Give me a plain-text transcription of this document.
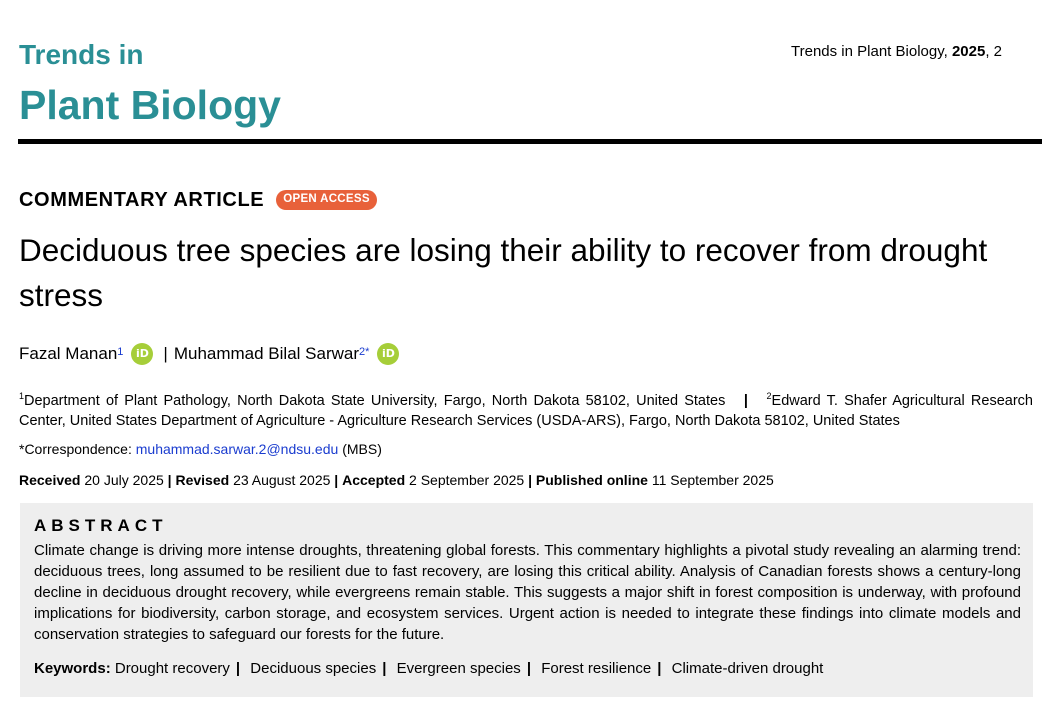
Trends in
Plant Biology
Trends in Plant Biology, 2025, 2
COMMENTARY ARTICLE	OPEN ACCESS
Deciduous tree species are losing their ability to recover from drought stress
Fazal Manan$^1$	iD | Muhammad Bilal Sarwar$^{2*}$	iD
$^1$Department of Plant Pathology, North Dakota State University, Fargo, North Dakota 58102, United States | $^2$Edward T. Shafer Agricultural Research Center, United States Department of Agriculture - Agriculture Research Services (USDA-ARS), Fargo, North Dakota 58102, United States
*Correspondence: muhammad.sarwar.2@ndsu.edu (MBS)
Received 20 July 2025 | Revised 23 August 2025 | Accepted 2 September 2025 | Published online 11 September 2025
ABSTRACT

Climate change is driving more intense droughts, threatening global forests. This commentary highlights a pivotal study revealing an alarming trend: deciduous trees, long assumed to be resilient due to fast recovery, are losing this critical ability. Analysis of Canadian forests shows a century-long decline in deciduous drought recovery, while evergreens remain stable. This suggests a major shift in forest composition is underway, with profound implications for biodiversity, carbon storage, and ecosystem services. Urgent action is needed to integrate these findings into climate models and conservation strategies to safeguard our forests for the future.

Keywords: Drought recovery | Deciduous species | Evergreen species | Forest resilience | Climate-driven drought
